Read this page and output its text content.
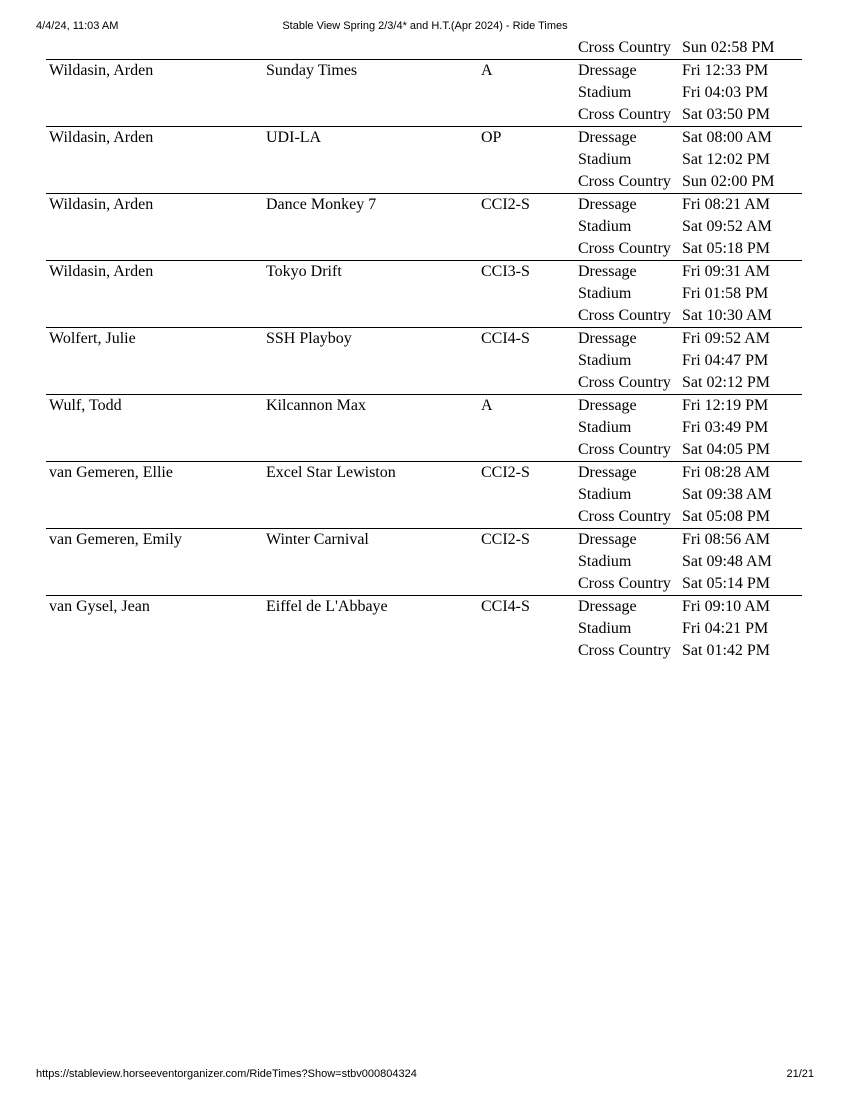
Stable View Spring 2/3/4* and H.T.(Apr 2024) - Ride Times
4/4/24, 11:03 AM
Cross Country Sun 02:58 PM
Wildasin, Arden	Sunday Times	A	Dressage	Fri 12:33 PM
Stadium	Fri 04:03 PM
Cross Country Sat 03:50 PM
Wildasin, Arden	UDI-LA	OP	Dressage	Sat 08:00 AM
Stadium	Sat 12:02 PM
Cross Country Sun 02:00 PM
Wildasin, Arden	Dance Monkey 7	CCI2-S	Dressage	Fri 08:21 AM
Stadium	Sat 09:52 AM
Cross Country Sat 05:18 PM
Wildasin, Arden	Tokyo Drift	CCI3-S	Dressage	Fri 09:31 AM
Stadium	Fri 01:58 PM
Cross Country Sat 10:30 AM
Wolfert, Julie	SSH Playboy	CCI4-S	Dressage	Fri 09:52 AM
Stadium	Fri 04:47 PM
Cross Country Sat 02:12 PM
Wulf, Todd	Kilcannon Max	A	Dressage	Fri 12:19 PM
Stadium	Fri 03:49 PM
Cross Country Sat 04:05 PM
van Gemeren, Ellie	Excel Star Lewiston	CCI2-S	Dressage	Fri 08:28 AM
Stadium	Sat 09:38 AM
Cross Country Sat 05:08 PM
van Gemeren, Emily	Winter Carnival	CCI2-S	Dressage	Fri 08:56 AM
Stadium	Sat 09:48 AM
Cross Country Sat 05:14 PM
van Gysel, Jean	Eiffel de L'Abbaye	CCI4-S	Dressage	Fri 09:10 AM
Stadium	Fri 04:21 PM
Cross Country Sat 01:42 PM
https://stableview.horseeventorganizer.com/RideTimes?Show=stbv000804324	21/21
